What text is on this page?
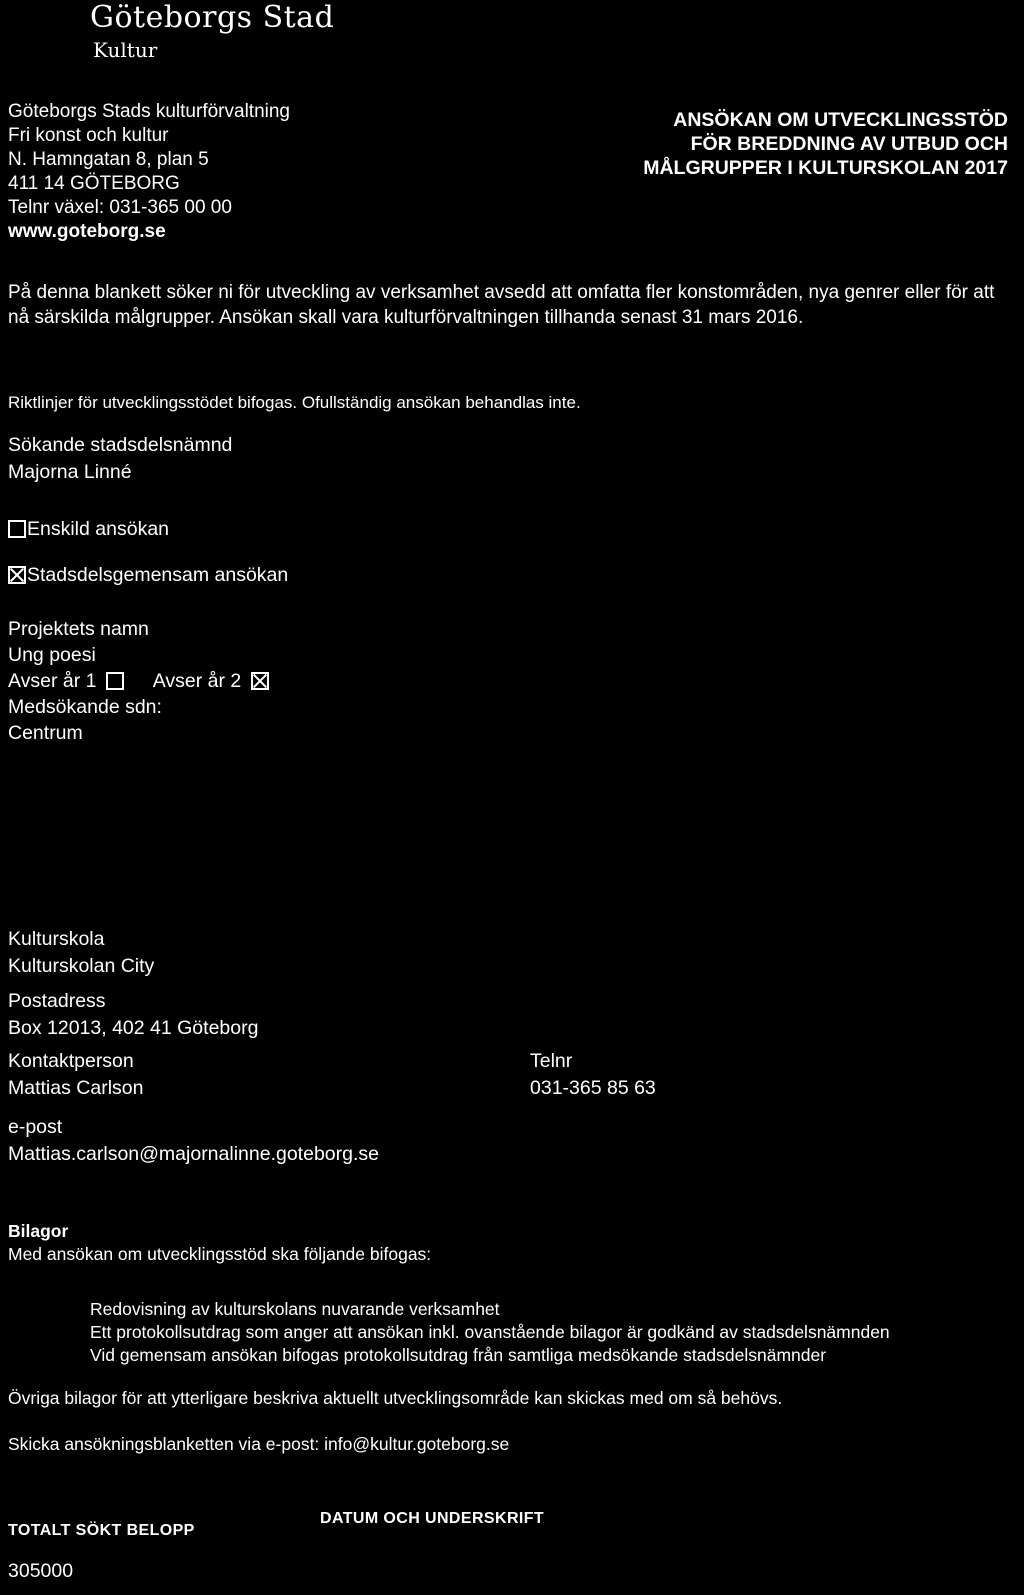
Göteborgs Stad
Kultur
Göteborgs Stads kulturförvaltning
Fri konst och kultur
N. Hamngatan 8, plan 5
411 14 GÖTEBORG
Telnr växel: 031-365 00 00
www.goteborg.se
ANSÖKAN OM UTVECKLINGSSTÖD
FÖR BREDDNING AV UTBUD OCH
MÅLGRUPPER I KULTURSKOLAN 2017
På denna blankett söker ni för utveckling av verksamhet avsedd att omfatta fler konstområden, nya genrer eller för att nå särskilda målgrupper. Ansökan skall vara kulturförvaltningen tillhanda senast 31 mars 2016.
Riktlinjer för utvecklingsstödet bifogas. Ofullständig ansökan behandlas inte.
Sökande stadsdelsnämnd
Majorna Linné
Enskild ansökan
Stadsdelsgemensam ansökan
Projektets namn
Ung poesi
Avser år 1	Avser år 2
Medsökande sdn:
Centrum
Kulturskola
Kulturskolan City
Postadress
Box 12013, 402 41 Göteborg
Kontaktperson
Mattias Carlson
Telnr
031-365 85 63
e-post
Mattias.carlson@majornalinne.goteborg.se
Bilagor
Med ansökan om utvecklingsstöd ska följande bifogas:
Redovisning av kulturskolans nuvarande verksamhet
Ett protokollsutdrag som anger att ansökan inkl. ovanstående bilagor är godkänd av stadsdelsnämnden
Vid gemensam ansökan bifogas protokollsutdrag från samtliga medsökande stadsdelsnämnder
Övriga bilagor för att ytterligare beskriva aktuellt utvecklingsområde kan skickas med om så behövs.
Skicka ansökningsblanketten via e-post: info@kultur.goteborg.se
TOTALT SÖKT BELOPP
305000
DATUM OCH UNDERSKRIFT
